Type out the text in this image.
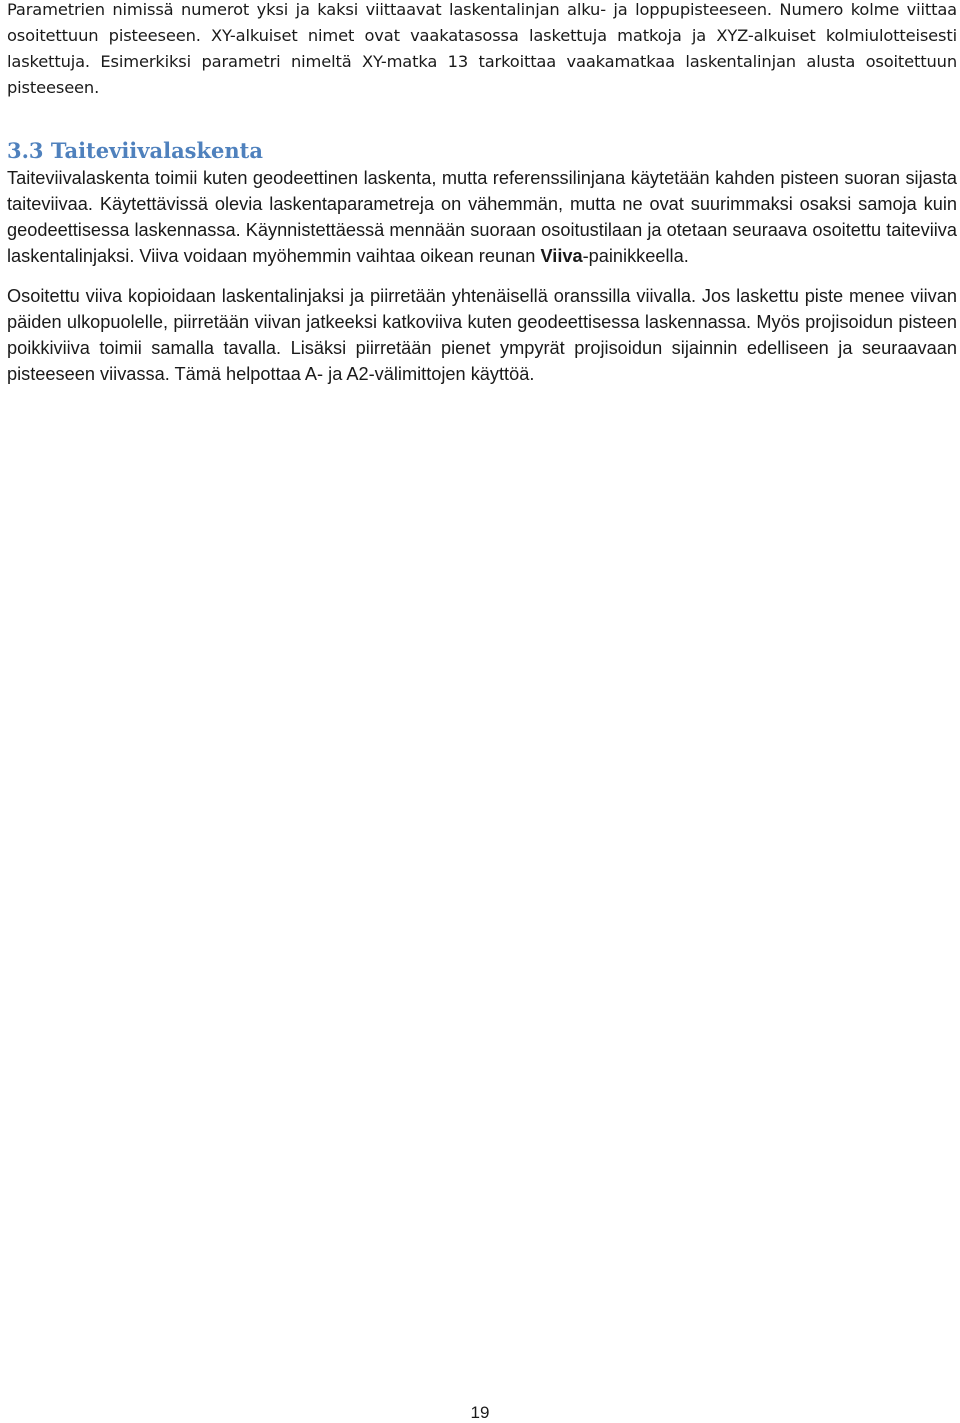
Parametrien nimissä numerot yksi ja kaksi viittaavat laskentalinjan alku- ja loppupisteeseen. Numero kolme viittaa osoitettuun pisteeseen. XY-alkuiset nimet ovat vaakatasossa laskettuja matkoja ja XYZ-alkuiset kolmiulotteisesti laskettuja. Esimerkiksi parametri nimeltä XY-matka 13 tarkoittaa vaakamatkaa laskentalinjan alusta osoitettuun pisteeseen.

3.3 Taiteviivalaskenta

Taiteviivalaskenta toimii kuten geodeettinen laskenta, mutta referenssilinjana käytetään kahden pisteen suoran sijasta taiteviivaa. Käytettävissä olevia laskentaparametreja on vähemmän, mutta ne ovat suurimmaksi osaksi samoja kuin geodeettisessa laskennassa. Käynnistettäessä mennään suoraan osoitustilaan ja otetaan seuraava osoitettu taiteviiva laskentalinjaksi. Viiva voidaan myöhemmin vaihtaa oikean reunan Viiva-painikkeella.

Osoitettu viiva kopioidaan laskentalinjaksi ja piirretään yhtenäisellä oranssilla viivalla. Jos laskettu piste menee viivan päiden ulkopuolelle, piirretään viivan jatkeeksi katkoviiva kuten geodeettisessa laskennassa. Myös projisoidun pisteen poikkiviiva toimii samalla tavalla. Lisäksi piirretään pienet ympyrät projisoidun sijainnin edelliseen ja seuraavaan pisteeseen viivassa. Tämä helpottaa A- ja A2-välimittojen käyttöä.

19
